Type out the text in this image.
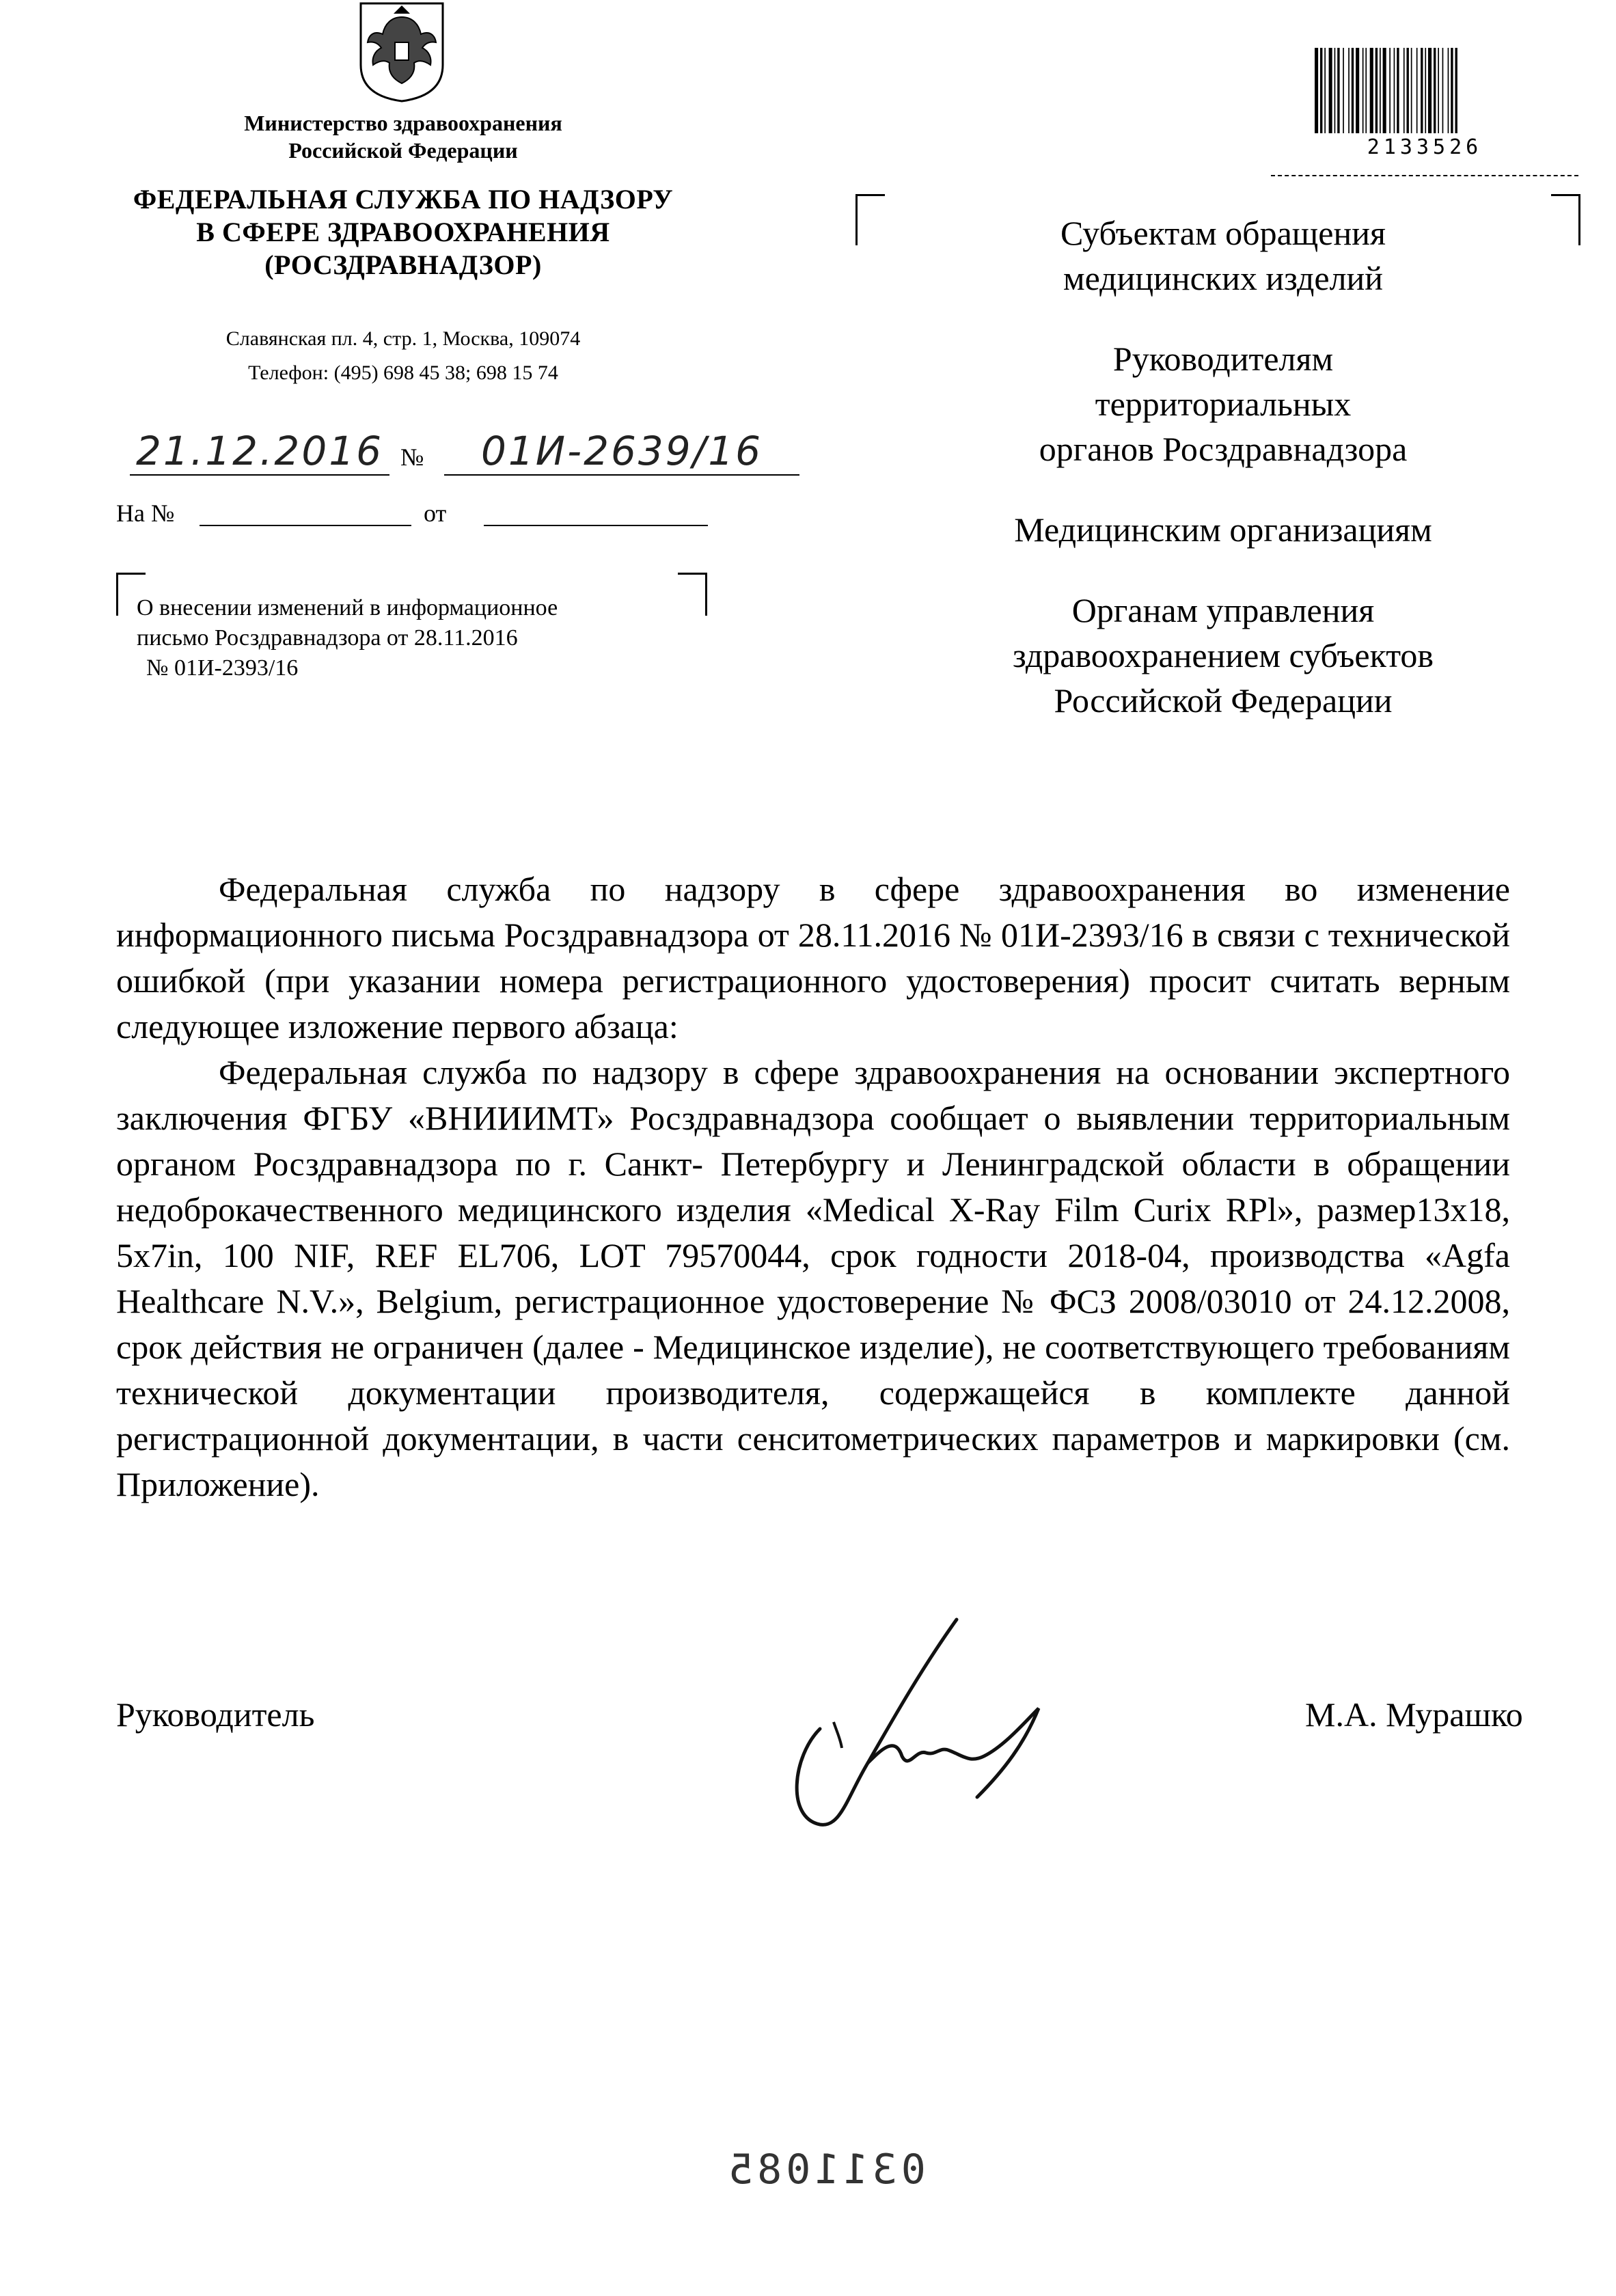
Министерство здравоохранения
Российской Федерации
ФЕДЕРАЛЬНАЯ СЛУЖБА ПО НАДЗОРУ
В СФЕРЕ ЗДРАВООХРАНЕНИЯ
(РОСЗДРАВНАДЗОР)
Славянская пл. 4, стр. 1, Москва, 109074
Телефон: (495) 698 45 38; 698 15 74
21.12.2016 №	01И-2639/16
На №	от
О внесении изменений в информационное
письмо Росздравнадзора от 28.11.2016
№ 01И-2393/16
2133526
Субъектам обращения
медицинских изделий
Руководителям
территориальных
органов Росздравнадзора
Медицинским организациям
Органам управления
здравоохранением субъектов
Российской Федерации

Федеральная служба по надзору в сфере здравоохранения во изменение информационного письма Росздравнадзора от 28.11.2016 № 01И-2393/16 в связи с технической ошибкой (при указании номера регистрационного удостоверения) просит считать верным следующее изложение первого абзаца:

Федеральная служба по надзору в сфере здравоохранения на основании экспертного заключения ФГБУ «ВНИИИМТ» Росздравнадзора сообщает о выявлении территориальным органом Росздравнадзора по г. Санкт- Петербургу и Ленинградской области в обращении недоброкачественного медицинского изделия «Medical X-Ray Film Curix RPl», размер13x18, 5x7in, 100 NIF, REF EL706, LOT 79570044, срок годности 2018-04, производства «Agfa Healthcare N.V.», Belgium, регистрационное удостоверение № ФСЗ 2008/03010 от 24.12.2008, срок действия не ограничен (далее - Медицинское изделие), не соответствующего требованиям технической документации производителя, содержащейся в комплекте данной регистрационной документации, в части сенситометрических параметров и маркировки (см. Приложение).

Руководитель	М.А. Мурашко
0311085
